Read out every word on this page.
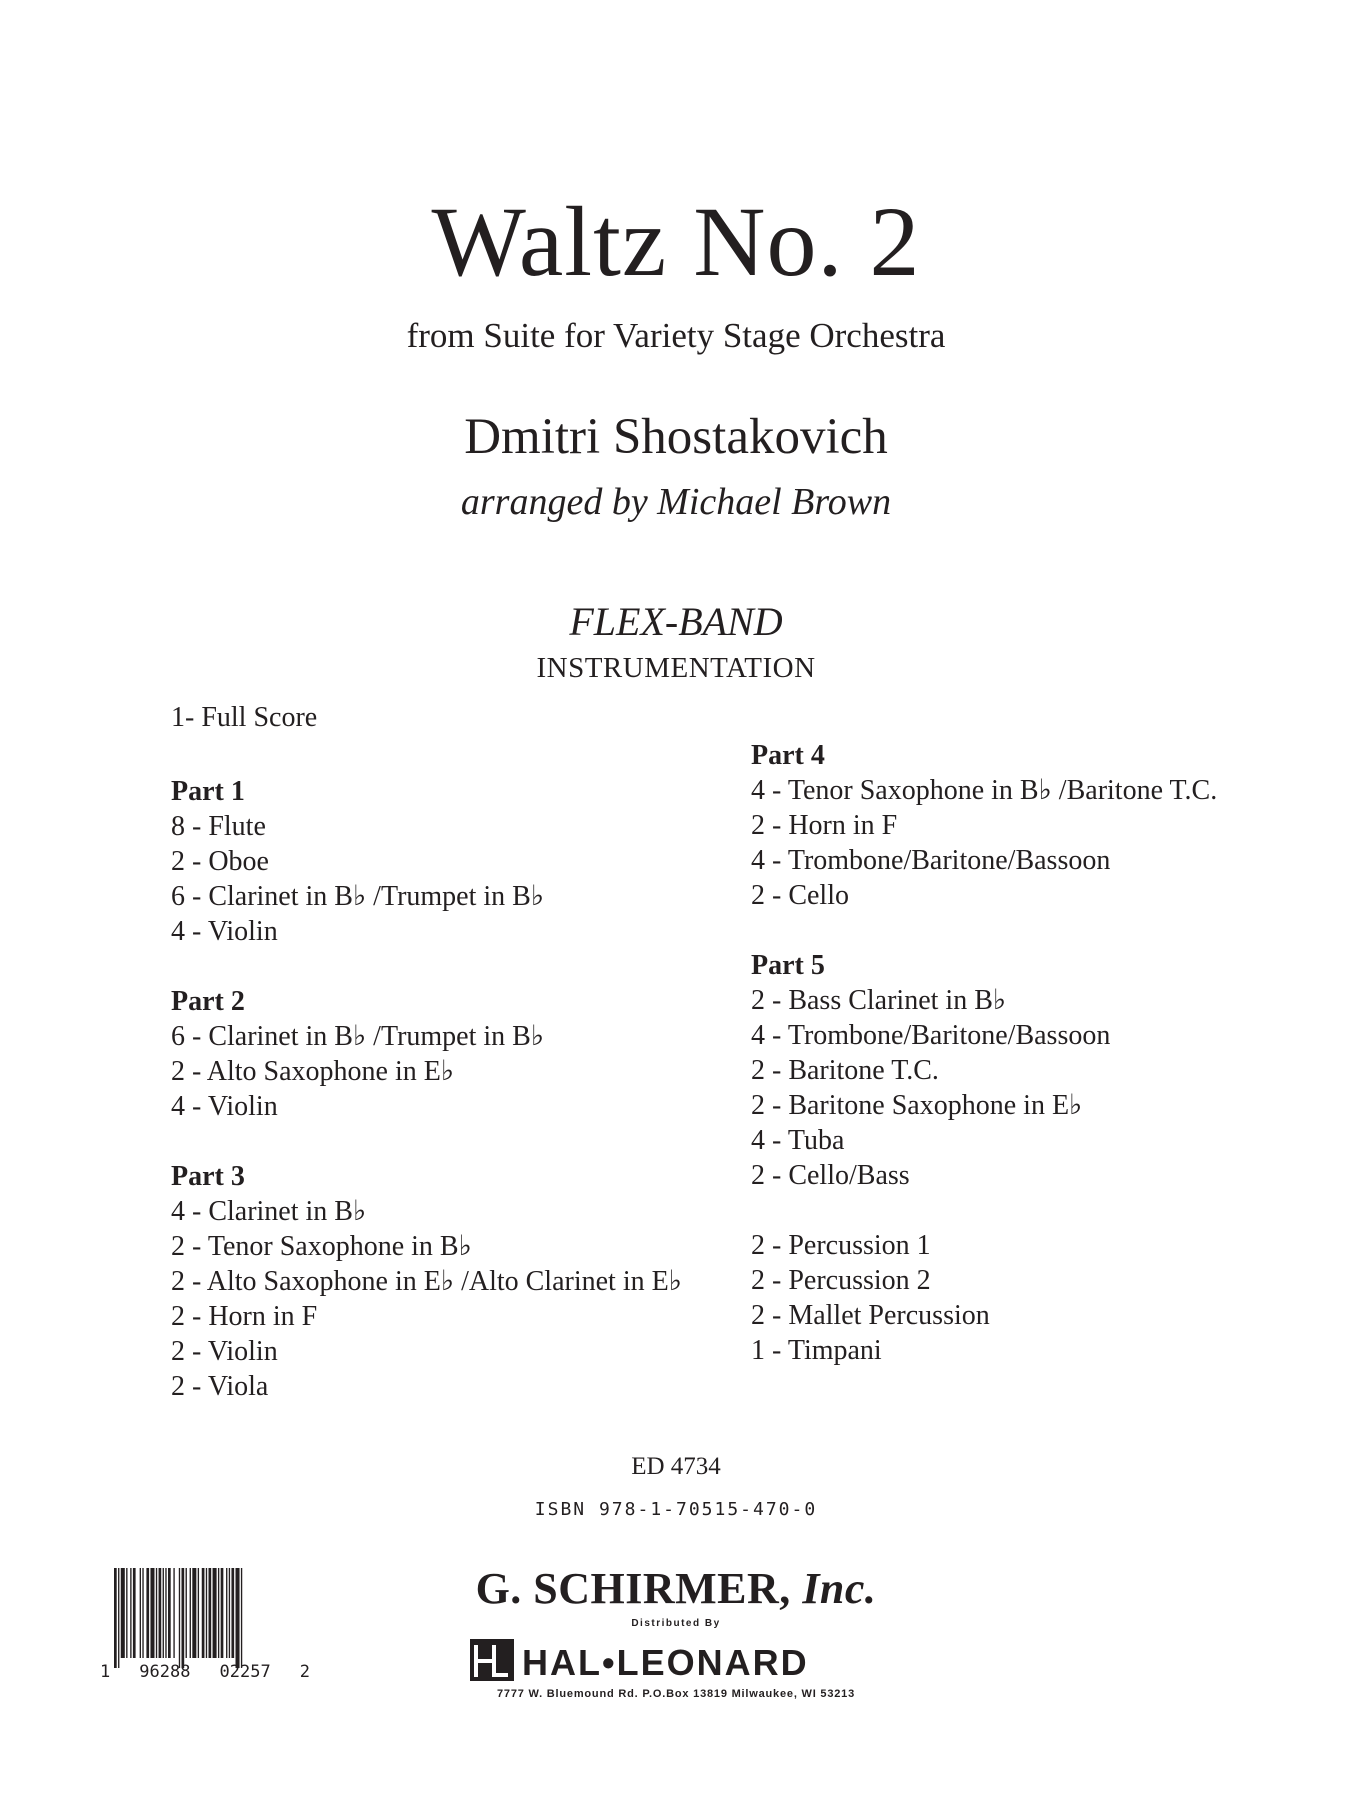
Waltz No. 2
from Suite for Variety Stage Orchestra
Dmitri Shostakovich
arranged by Michael Brown
FLEX-BAND
INSTRUMENTATION
1- Full Score
Part 1
8 - Flute
2 - Oboe
6 - Clarinet in B♭ /Trumpet in B♭
4 - Violin
Part 2
6 - Clarinet in B♭ /Trumpet in B♭
2 - Alto Saxophone in E♭
4 - Violin
Part 3
4 - Clarinet in B♭
2 - Tenor Saxophone in B♭
2 - Alto Saxophone in E♭ /Alto Clarinet in E♭
2 - Horn in F
2 - Violin
2 - Viola
Part 4
4 - Tenor Saxophone in B♭ /Baritone T.C.
2 - Horn in F
4 - Trombone/Baritone/Bassoon
2 - Cello
Part 5
2 - Bass Clarinet in B♭
4 - Trombone/Baritone/Bassoon
2 - Baritone T.C.
2 - Baritone Saxophone in E♭
4 - Tuba
2 - Cello/Bass
2 - Percussion 1
2 - Percussion 2
2 - Mallet Percussion
1 - Timpani
ED 4734
ISBN 978-1-70515-470-0
1 96288 02257 2
G. SCHIRMER, Inc.
Distributed By
HAL•LEONARD
7777 W. Bluemound Rd. P.O.Box 13819 Milwaukee, WI 53213
